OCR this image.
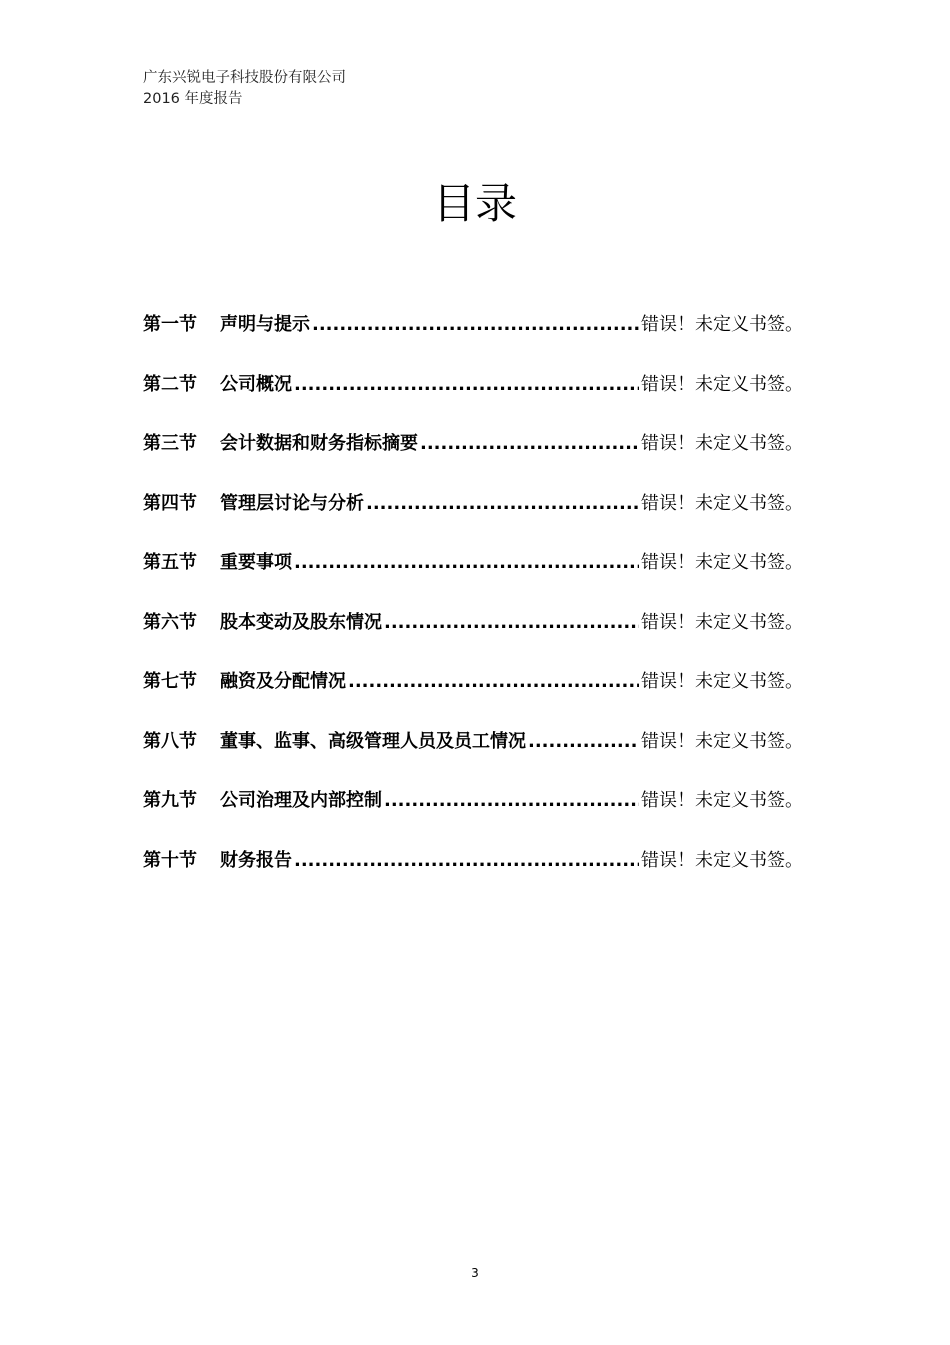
广东兴锐电子科技股份有限公司
2016 年度报告
目录
第一节	声明与提示 .....	错误！未定义书签。
第二节	公司概况 .....	错误！未定义书签。
第三节	会计数据和财务指标摘要 .....	错误！未定义书签。
第四节	管理层讨论与分析 .....	错误！未定义书签。
第五节	重要事项 .....	错误！未定义书签。
第六节	股本变动及股东情况 .....	错误！未定义书签。
第七节	融资及分配情况 .....	错误！未定义书签。
第八节	董事、监事、高级管理人员及员工情况 .....	错误！未定义书签。
第九节	公司治理及内部控制 .....	错误！未定义书签。
第十节	财务报告 .....	错误！未定义书签。
3
